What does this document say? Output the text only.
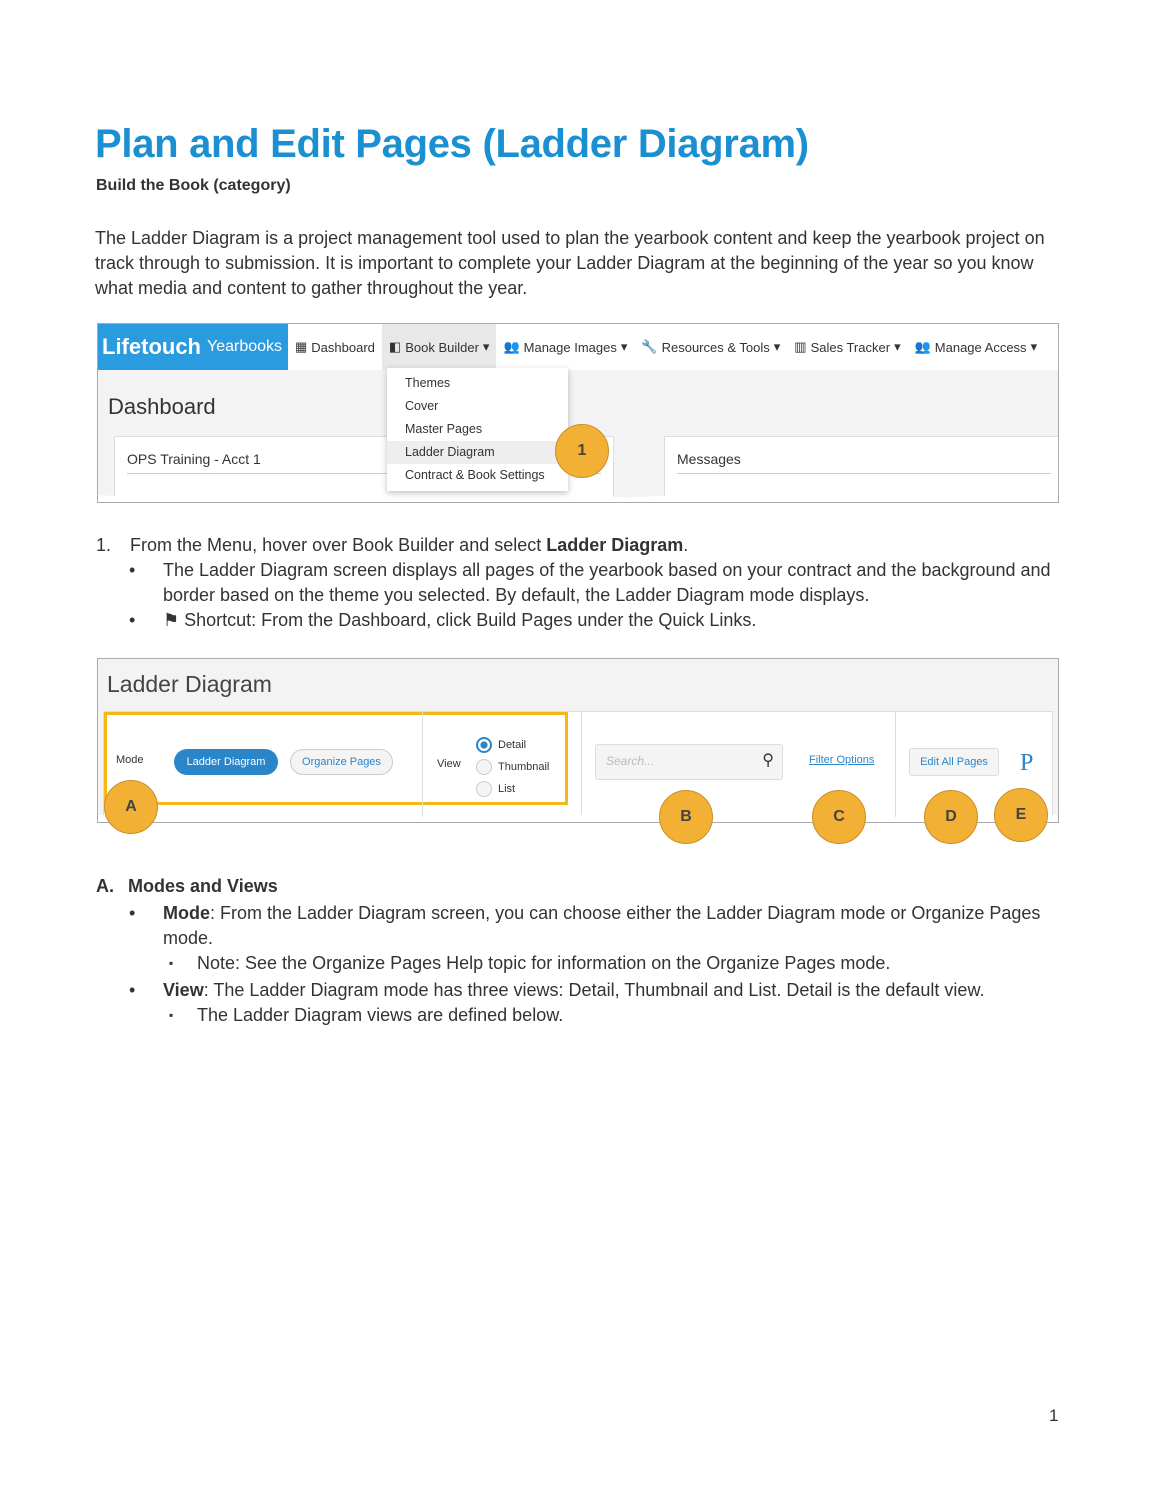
Plan and Edit Pages (Ladder Diagram)
Build the Book (category)

The Ladder Diagram is a project management tool used to plan the yearbook content and keep the yearbook project on track through to submission. It is important to complete your Ladder Diagram at the beginning of the year so you know what media and content to gather throughout the year.

Lifetouch Yearbooks ▦ Dashboard ◧ Book Builder ▾ 👥 Manage Images ▾ 🔧 Resources & Tools ▾ ▥ Sales Tracker ▾ 👥 Manage Access ▾
Themes
Cover
Master Pages
Ladder Diagram
Contract & Book Settings
Dashboard
OPS Training - Acct 1	Messages
1
1. From the Menu, hover over Book Builder and select Ladder Diagram.
• The Ladder Diagram screen displays all pages of the yearbook based on your contract and the background and border based on the theme you selected. By default, the Ladder Diagram mode displays.
• ⚑ Shortcut: From the Dashboard, click Build Pages under the Quick Links.
Ladder Diagram
Mode	Ladder Diagram	Organize Pages	View
Detail
Thumbnail
List
Search...	⚲	Filter Options	Edit All Pages	P
A
B	C	D	E
A. Modes and Views
• Mode: From the Ladder Diagram screen, you can choose either the Ladder Diagram mode or Organize Pages mode.
▪ Note: See the Organize Pages Help topic for information on the Organize Pages mode.
• View: The Ladder Diagram mode has three views: Detail, Thumbnail and List. Detail is the default view.
▪ The Ladder Diagram views are defined below.
1
